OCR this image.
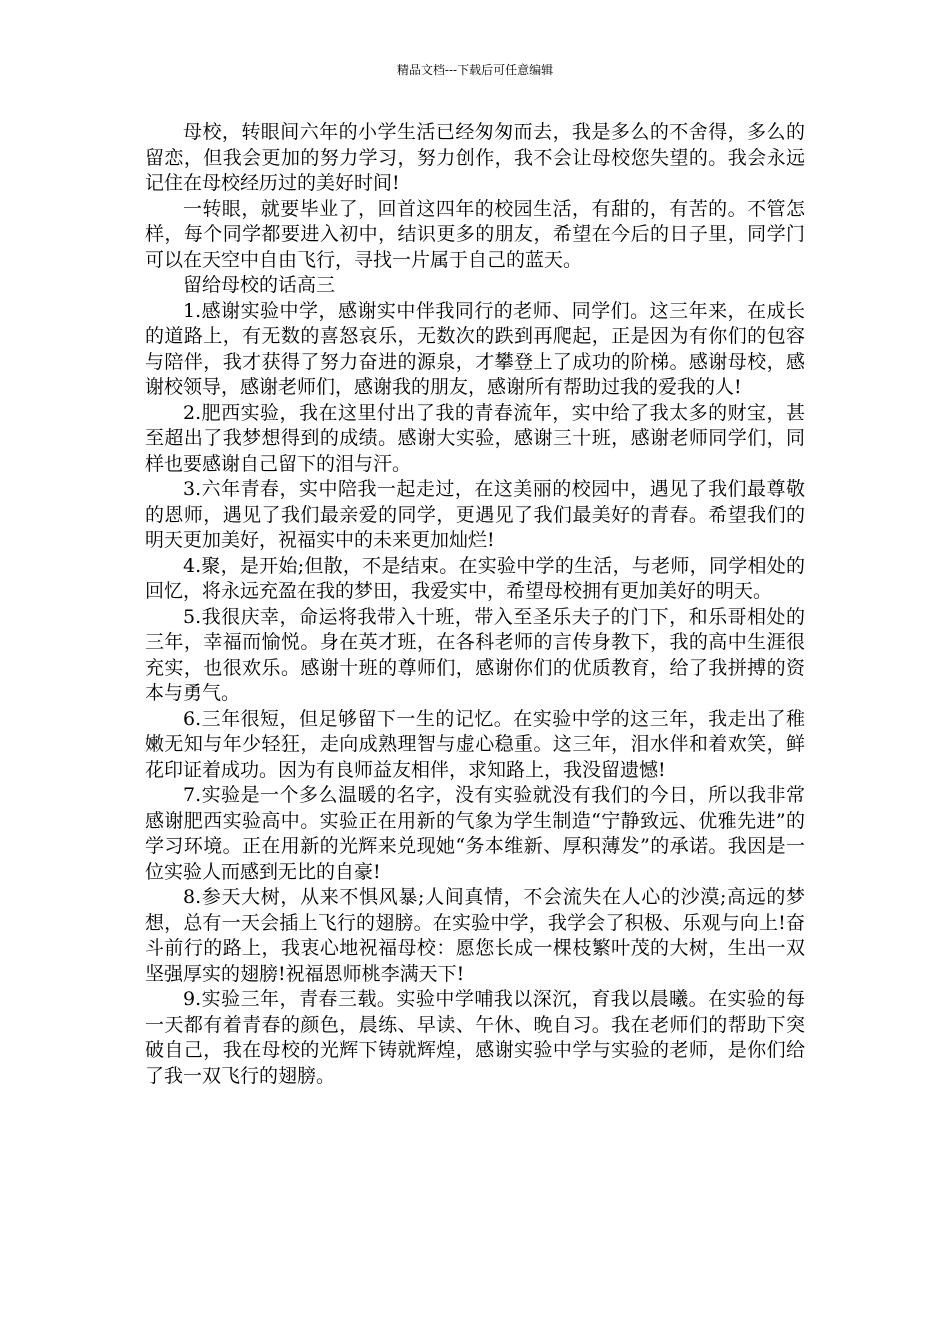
精品文档---下载后可任意编辑

母校，转眼间六年的小学生活已经匆匆而去，我是多么的不舍得，多么的留恋，但我会更加的努力学习，努力创作，我不会让母校您失望的。我会永远记住在母校经历过的美好时间!

一转眼，就要毕业了，回首这四年的校园生活，有甜的，有苦的。不管怎样，每个同学都要进入初中，结识更多的朋友，希望在今后的日子里，同学门可以在天空中自由飞行，寻找一片属于自己的蓝天。

留给母校的话高三

1.感谢实验中学，感谢实中伴我同行的老师、同学们。这三年来，在成长的道路上，有无数的喜怒哀乐，无数次的跌到再爬起，正是因为有你们的包容与陪伴，我才获得了努力奋进的源泉，才攀登上了成功的阶梯。感谢母校，感谢校领导，感谢老师们，感谢我的朋友，感谢所有帮助过我的爱我的人!

2.肥西实验，我在这里付出了我的青春流年，实中给了我太多的财宝，甚至超出了我梦想得到的成绩。感谢大实验，感谢三十班，感谢老师同学们，同样也要感谢自己留下的泪与汗。

3.六年青春，实中陪我一起走过，在这美丽的校园中，遇见了我们最尊敬的恩师，遇见了我们最亲爱的同学，更遇见了我们最美好的青春。希望我们的明天更加美好，祝福实中的未来更加灿烂!

4.聚，是开始;但散，不是结束。在实验中学的生活，与老师，同学相处的回忆，将永远充盈在我的梦田，我爱实中，希望母校拥有更加美好的明天。

5.我很庆幸，命运将我带入十班，带入至圣乐夫子的门下，和乐哥相处的三年，幸福而愉悦。身在英才班，在各科老师的言传身教下，我的高中生涯很充实，也很欢乐。感谢十班的尊师们，感谢你们的优质教育，给了我拼搏的资本与勇气。

6.三年很短，但足够留下一生的记忆。在实验中学的这三年，我走出了稚嫩无知与年少轻狂，走向成熟理智与虚心稳重。这三年，泪水伴和着欢笑，鲜花印证着成功。因为有良师益友相伴，求知路上，我没留遗憾!

7.实验是一个多么温暖的名字，没有实验就没有我们的今日，所以我非常感谢肥西实验高中。实验正在用新的气象为学生制造“宁静致远、优雅先进”的学习环境。正在用新的光辉来兑现她“务本维新、厚积薄发”的承诺。我因是一位实验人而感到无比的自豪!

8.参天大树，从来不惧风暴;人间真情，不会流失在人心的沙漠;高远的梦想，总有一天会插上飞行的翅膀。在实验中学，我学会了积极、乐观与向上!奋斗前行的路上，我衷心地祝福母校：愿您长成一棵枝繁叶茂的大树，生出一双坚强厚实的翅膀!祝福恩师桃李满天下!

9.实验三年，青春三载。实验中学哺我以深沉，育我以晨曦。在实验的每一天都有着青春的颜色，晨练、早读、午休、晚自习。我在老师们的帮助下突破自己，我在母校的光辉下铸就辉煌，感谢实验中学与实验的老师，是你们给了我一双飞行的翅膀。
